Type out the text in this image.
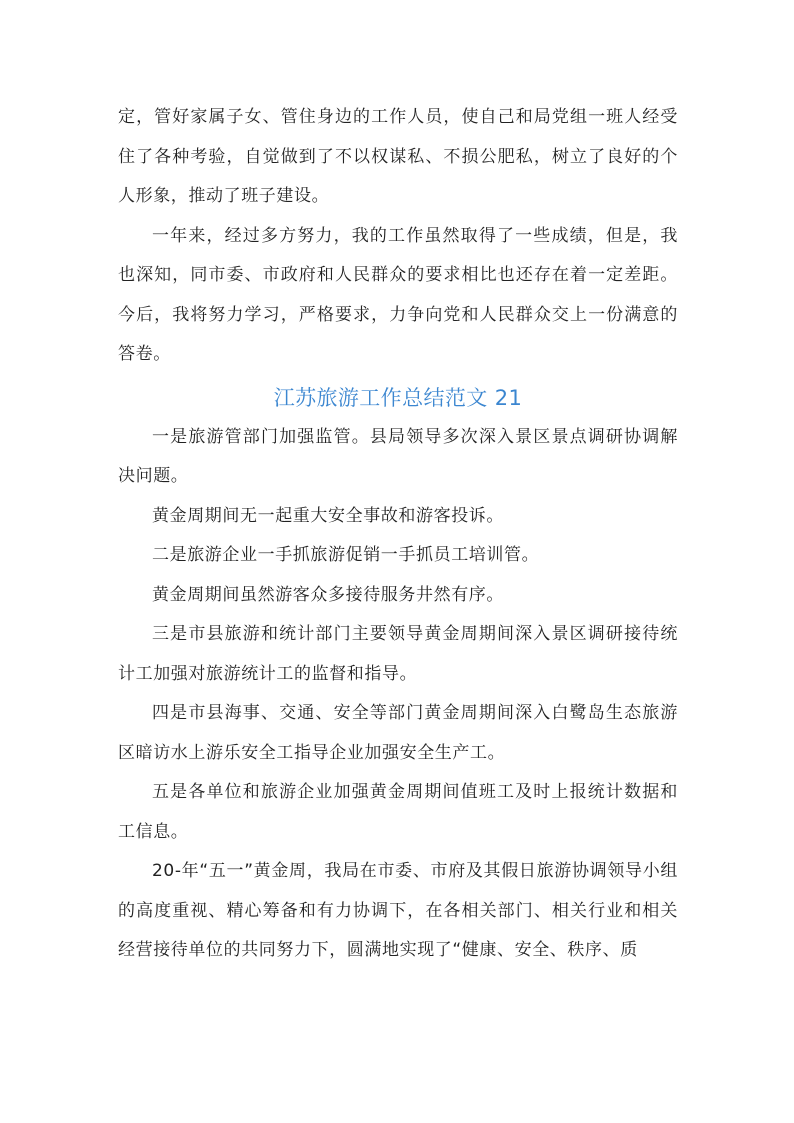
定，管好家属子女、管住身边的工作人员，使自己和局党组一班人经受住了各种考验，自觉做到了不以权谋私、不损公肥私，树立了良好的个人形象，推动了班子建设。

一年来，经过多方努力，我的工作虽然取得了一些成绩，但是，我也深知，同市委、市政府和人民群众的要求相比也还存在着一定差距。今后，我将努力学习，严格要求，力争向党和人民群众交上一份满意的答卷。

江苏旅游工作总结范文 21

一是旅游管部门加强监管。县局领导多次深入景区景点调研协调解决问题。

黄金周期间无一起重大安全事故和游客投诉。

二是旅游企业一手抓旅游促销一手抓员工培训管。

黄金周期间虽然游客众多接待服务井然有序。

三是市县旅游和统计部门主要领导黄金周期间深入景区调研接待统计工加强对旅游统计工的监督和指导。

四是市县海事、交通、安全等部门黄金周期间深入白鹭岛生态旅游区暗访水上游乐安全工指导企业加强安全生产工。

五是各单位和旅游企业加强黄金周期间值班工及时上报统计数据和工信息。

20-年“五一”黄金周，我局在市委、市府及其假日旅游协调领导小组的高度重视、精心筹备和有力协调下，在各相关部门、相关行业和相关经营接待单位的共同努力下，圆满地实现了“健康、安全、秩序、质
